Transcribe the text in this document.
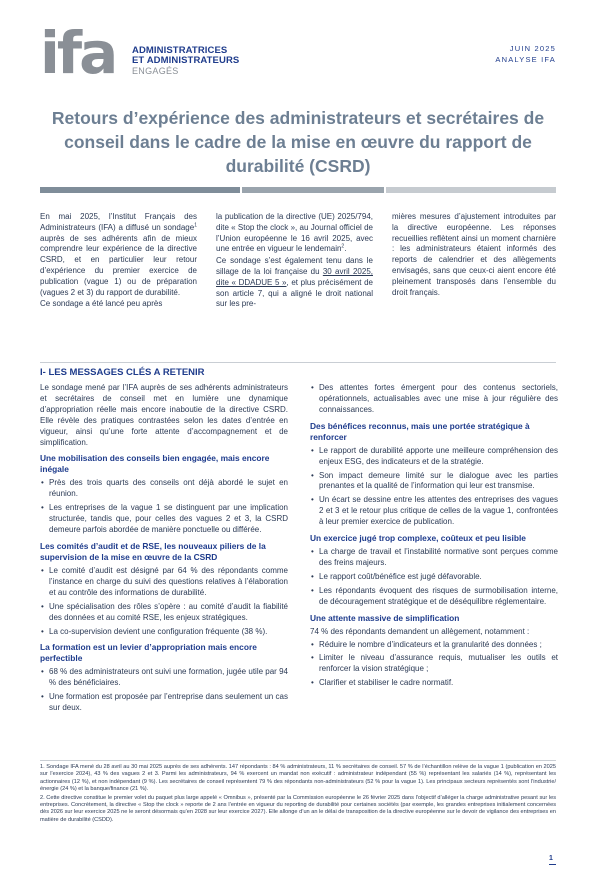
ifa ADMINISTRATRICES
ET ADMINISTRATEURS
ENGAGÉS
JUIN 2025
ANALYSE IFA
Retours d’expérience des administrateurs et secrétaires de conseil dans le cadre de la mise en œuvre du rapport de durabilité (CSRD)

En mai 2025, l’Institut Français des Administrateurs (IFA) a diffusé un sondage$^1$ auprès de ses adhérents afin de mieux comprendre leur expérience de la directive CSRD, et en particulier leur retour d’expérience du premier exercice de publication (vague 1) ou de préparation (vagues 2 et 3) du rapport de durabilité.

Ce sondage a été lancé peu après

la publication de la directive (UE) 2025/794, dite « Stop the clock », au Journal officiel de l’Union européenne le 16 avril 2025, avec une entrée en vigueur le lendemain$^2$.

Ce sondage s’est également tenu dans le sillage de la loi française du 30 avril 2025, dite « DDADUE 5 », et plus précisément de son article 7, qui a aligné le droit national sur les pre-

mières mesures d’ajustement introduites par la directive européenne. Les réponses recueillies reflètent ainsi un moment charnière : les administrateurs étaient informés des reports de calendrier et des allègements envisagés, sans que ceux-ci aient encore été pleinement transposés dans l’ensemble du droit français.

I- LES MESSAGES CLÉS A RETENIR

Le sondage mené par l’IFA auprès de ses adhérents administrateurs et secrétaires de conseil met en lumière une dynamique d’appropriation réelle mais encore inaboutie de la directive CSRD. Elle révèle des pratiques contrastées selon les dates d’entrée en vigueur, ainsi qu’une forte attente d’accompagnement et de simplification.

Une mobilisation des conseils bien engagée, mais encore inégale
• Près des trois quarts des conseils ont déjà abordé le sujet en réunion.
• Les entreprises de la vague 1 se distinguent par une implication structurée, tandis que, pour celles des vagues 2 et 3, la CSRD demeure parfois abordée de manière ponctuelle ou différée.
Les comités d’audit et de RSE, les nouveaux piliers de la supervision de la mise en œuvre de la CSRD
• Le comité d’audit est désigné par 64 % des répondants comme l’instance en charge du suivi des questions relatives à l’élaboration et au contrôle des informations de durabilité.
• Une spécialisation des rôles s’opère : au comité d’audit la fiabilité des données et au comité RSE, les enjeux stratégiques.
• La co-supervision devient une configuration fréquente (38 %).
La formation est un levier d’appropriation mais encore perfectible
• 68 % des administrateurs ont suivi une formation, jugée utile par 94 % des bénéficiaires.
• Une formation est proposée par l’entreprise dans seulement un cas sur deux.
• Des attentes fortes émergent pour des contenus sectoriels, opérationnels, actualisables avec une mise à jour régulière des connaissances.
Des bénéfices reconnus, mais une portée stratégique à renforcer
• Le rapport de durabilité apporte une meilleure compréhension des enjeux ESG, des indicateurs et de la stratégie.
• Son impact demeure limité sur le dialogue avec les parties prenantes et la qualité de l’information qui leur est transmise.
• Un écart se dessine entre les attentes des entreprises des vagues 2 et 3 et le retour plus critique de celles de la vague 1, confrontées à leur premier exercice de publication.
Un exercice jugé trop complexe, coûteux et peu lisible
• La charge de travail et l’instabilité normative sont perçues comme des freins majeurs.
• Le rapport coût/bénéfice est jugé défavorable.
• Les répondants évoquent des risques de surmobilisation interne, de découragement stratégique et de déséquilibre réglementaire.
Une attente massive de simplification

74 % des répondants demandent un allègement, notamment :

• Réduire le nombre d’indicateurs et la granularité des données ;
• Limiter le niveau d’assurance requis, mutualiser les outils et renforcer la vision stratégique ;
• Clarifier et stabiliser le cadre normatif.

1. Sondage IFA mené du 28 avril au 30 mai 2025 auprès de ses adhérents. 147 répondants : 84 % administrateurs, 11 % secrétaires de conseil. 57 % de l’échantillon relève de la vague 1 (publication en 2025 sur l’exercice 2024), 43 % des vagues 2 et 3. Parmi les administrateurs, 94 % exercent un mandat non exécutif : administrateur indépendant (55 %) représentant les salariés (14 %), représentant les actionnaires (12 %), et non indépendant (9 %). Les secrétaires de conseil représentent 79 % des répondants non-administrateurs (52 % pour la vague 1). Les principaux secteurs représentés sont l’industrie/énergie (24 %) et la banque/finance (21 %).

2. Cette directive constitue le premier volet du paquet plus large appelé « Omnibus », présenté par la Commission européenne le 26 février 2025 dans l’objectif d’alléger la charge administrative pesant sur les entreprises. Concrètement, la directive « Stop the clock » reporte de 2 ans l’entrée en vigueur du reporting de durabilité pour certaines sociétés (par exemple, les grandes entreprises initialement concernées dès 2026 sur leur exercice 2025 ne le seront désormais qu’en 2028 sur leur exercice 2027). Elle allonge d’un an le délai de transposition de la directive européenne sur le devoir de vigilance des entreprises en matière de durabilité (CSDD).

1
